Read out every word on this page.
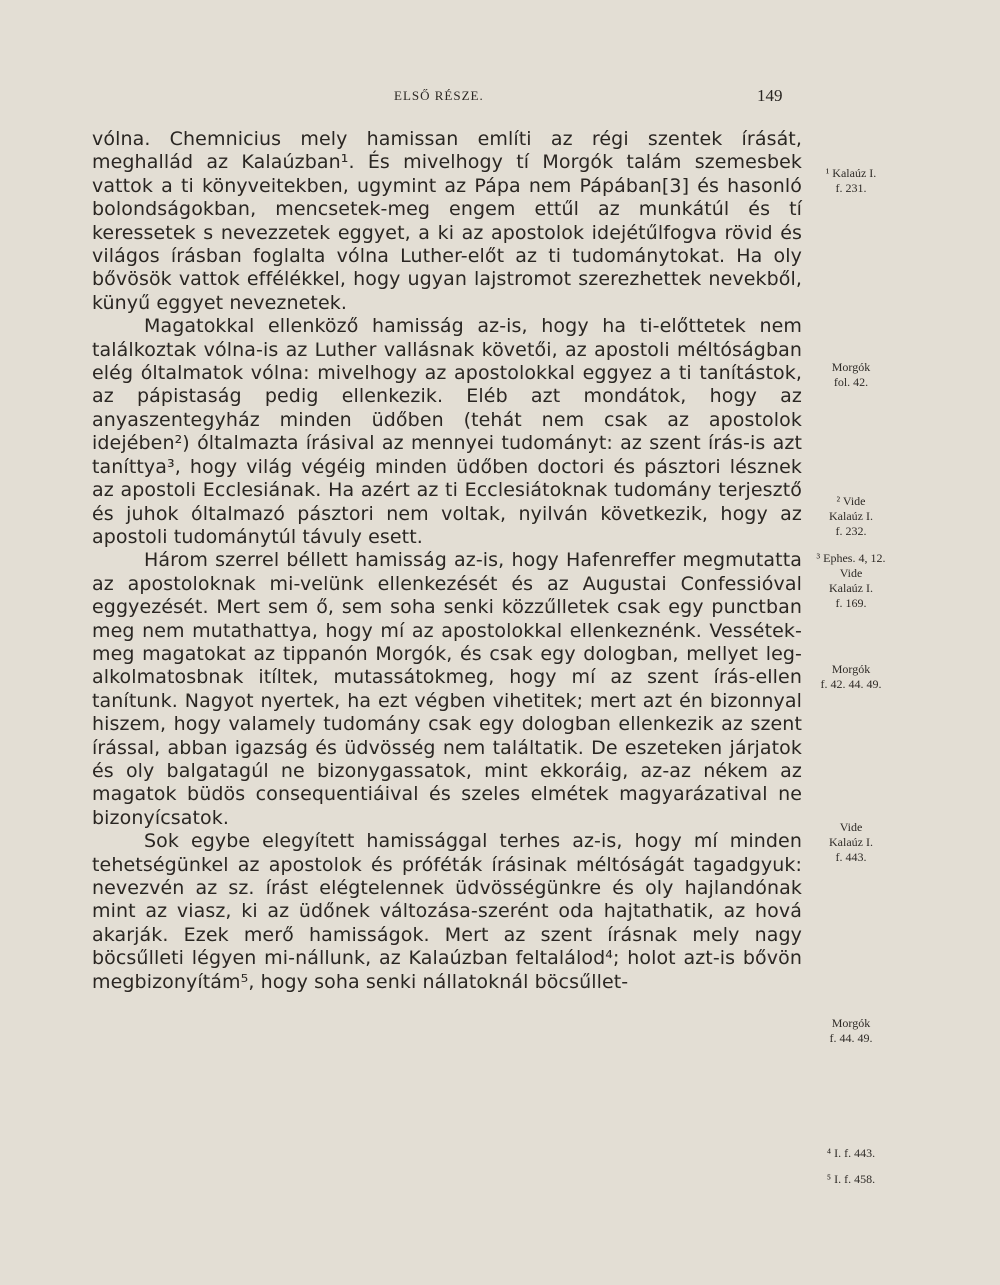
ELSŐ RÉSZE.	149

vólna. Chemnicius mely hamissan említi az régi szentek írását, meghallád az Kalaúzban¹. És mivelhogy tí Morgók talám szemesbek vattok a ti könyveitekben, ugymint az Pápa nem Pápában[3] és hasonló bolondságokban, mencsetek-meg engem ettűl az munkátúl és tí keressetek s nevezzetek eggyet, a ki az apostolok idejétűlfogva rövid és világos írásban foglalta vólna Luther-előt az ti tudománytokat. Ha oly bővösök vattok effélékkel, hogy ugyan lajstromot szerezhettek nevekből, künyű eggyet neveznetek.

Magatokkal ellenköző hamisság az-is, hogy ha ti-előttetek nem találkoztak vólna-is az Luther vallásnak követői, az apostoli méltóságban elég óltalmatok vólna: mivelhogy az apostolokkal eggyez a ti tanítástok, az pápistaság pedig ellenkezik. Eléb azt mondátok, hogy az anyaszentegyház minden üdőben (tehát nem csak az apostolok idejében²) óltalmazta írásival az mennyei tudományt: az szent írás-is azt taníttya³, hogy világ végéig minden üdőben doctori és pásztori lésznek az apostoli Ecclesiának. Ha azért az ti Ecclesiátoknak tudomány terjesztő és juhok óltalmazó pásztori nem voltak, nyilván következik, hogy az apostoli tudománytúl távuly esett.

Három szerrel béllett hamisság az-is, hogy Hafenreffer megmutatta az apostoloknak mi-velünk ellenkezését és az Augustai Confessióval eggyezését. Mert sem ő, sem soha senki közzűlletek csak egy punctban meg nem mutathattya, hogy mí az apostolokkal ellenkeznénk. Vessétek-meg magatokat az tippanón Morgók, és csak egy dologban, mellyet leg-alkolmatosbnak itíltek, mutassátokmeg, hogy mí az szent írás-ellen tanítunk. Nagyot nyertek, ha ezt végben vihetitek; mert azt én bizonnyal hiszem, hogy valamely tudomány csak egy dologban ellenkezik az szent írással, abban igazság és üdvösség nem találtatik. De eszeteken járjatok és oly balgatagúl ne bizonygassatok, mint ekkoráig, az-az nékem az magatok büdös consequentiáival és szeles elmétek magyarázatival ne bizonyícsatok.

Sok egybe elegyített hamissággal terhes az-is, hogy mí minden tehetségünkel az apostolok és próféták írásinak méltóságát tagadgyuk: nevezvén az sz. írást elégtelennek üdvösségünkre és oly hajlandónak mint az viasz, ki az üdőnek változása-szerént oda hajtathatik, az hová akarják. Ezek merő hamisságok. Mert az szent írásnak mely nagy böcsűlleti légyen mi-nállunk, az Kalaúzban feltalálod⁴; holot azt-is bővön megbizonyítám⁵, hogy soha senki nállatoknál böcsűllet-

¹ Kalaúz I.
f. 231.
Morgók
fol. 42.
² Vide
Kalaúz I.
f. 232.
³ Ephes. 4, 12.
Vide
Kalaúz I.
f. 169.
Morgók
f. 42. 44. 49.
Vide
Kalaúz I.
f. 443.
Morgók
f. 44. 49.
⁴ I. f. 443.
⁵ I. f. 458.
